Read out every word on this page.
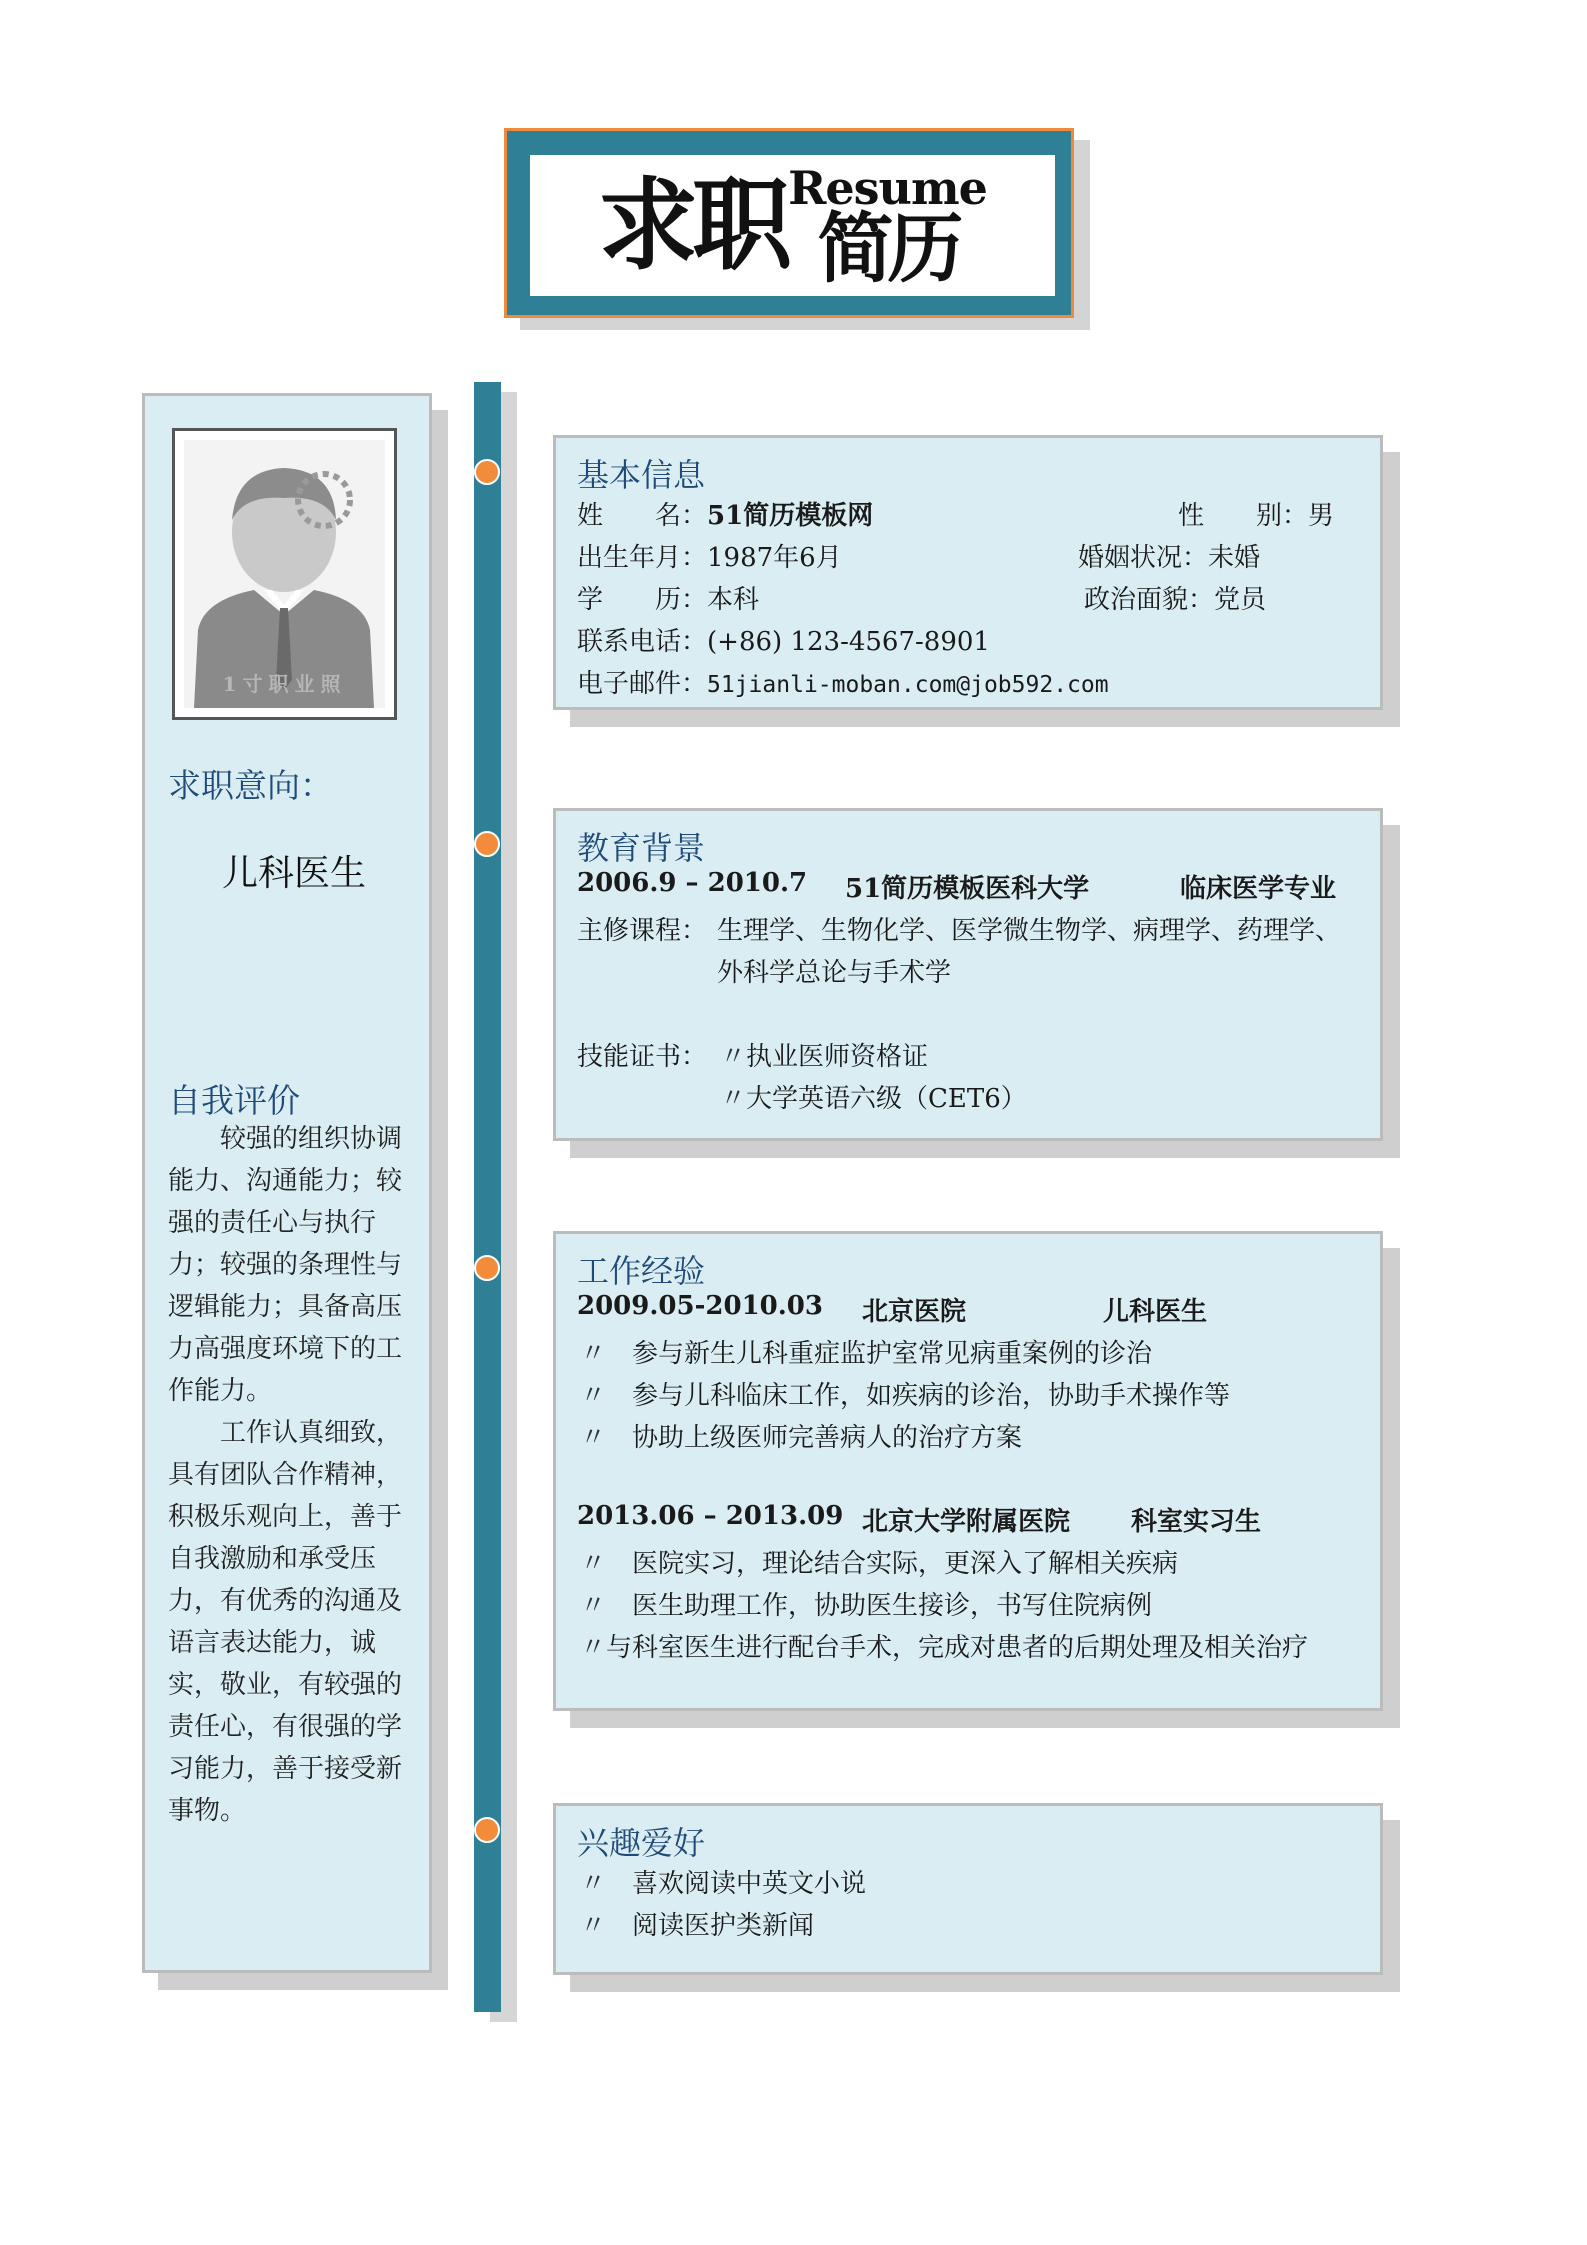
求职 Resume
简历
1寸职业照
求职意向：
儿科医生
自我评价

较强的组织协调能力、沟通能力；较强的责任心与执行力；较强的条理性与逻辑能力；具备高压力高强度环境下的工作能力。

工作认真细致，具有团队合作精神，积极乐观向上，善于自我激励和承受压力，有优秀的沟通及语言表达能力，诚实，敬业，有较强的责任心，有很强的学习能力，善于接受新事物。

基本信息
姓　　名：51简历模板网	性　　别：男
出生年月：1987年6月	婚姻状况：未婚
学　　历：本科	政治面貌：党员
联系电话：(+86) 123-4567-8901
电子邮件：51jianli-moban.com@job592.com
教育背景
2006.9 – 2010.7 51简历模板医科大学	临床医学专业
主修课程： 生理学、生物化学、医学微生物学、病理学、药理学、
外科学总论与手术学
技能证书： 〃执业医师资格证
〃大学英语六级（CET6）
工作经验
2009.05-2010.03 北京医院	儿科医生
〃　 参与新生儿科重症监护室常见病重案例的诊治
〃　 参与儿科临床工作，如疾病的诊治，协助手术操作等
〃　 协助上级医师完善病人的治疗方案
2013.06 – 2013.09 北京大学附属医院 科室实习生
〃　 医院实习，理论结合实际，更深入了解相关疾病
〃　 医生助理工作，协助医生接诊，书写住院病例
〃与科室医生进行配台手术，完成对患者的后期处理及相关治疗
兴趣爱好
〃　 喜欢阅读中英文小说
〃　 阅读医护类新闻
